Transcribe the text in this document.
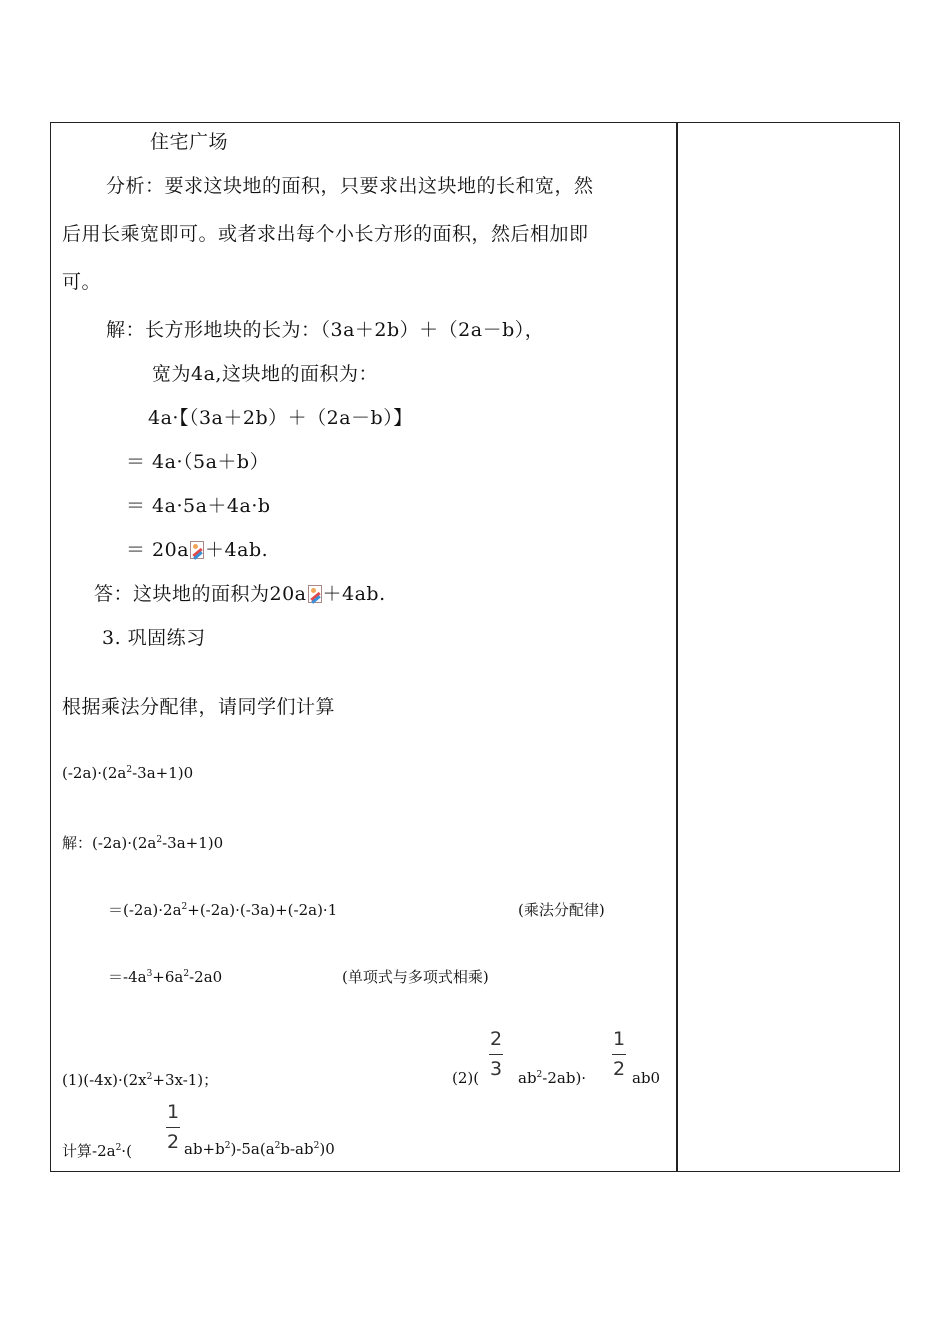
住宅广场
分析：要求这块地的面积，只要求出这块地的长和宽，然
后用长乘宽即可。或者求出每个小长方形的面积，然后相加即
可。
解：长方形地块的长为：（3a＋2b）＋（2a－b），
宽为4a,这块地的面积为：
4a·【（3a＋2b）＋（2a－b）】
＝ 4a·（5a＋b）
＝ 4a·5a＋4a·b
＝ 20a ＋4ab.
答：这块地的面积为20a ＋4ab.
3. 巩固练习
根据乘法分配律，请同学们计算
$(-2a)\cdot(2a^2-3a+1)0$
解：$(-2a)\cdot(2a^2-3a+1)0$
$=(-2a)\cdot 2a^2+(-2a)\cdot(-3a)+(-2a)\cdot 1$	(乘法分配律)
$=-4a^3+6a^2-2a0$	(单项式与多项式相乘)
$(1)(-4x)\cdot(2x^2+3x-1)$；	(2)(
2
3 $ab^2-2ab)\cdot$
1
2 ab0
计算$-2a^2\cdot$(
1
2 $ab+b^2)-5a(a^2b-ab^2)0$
